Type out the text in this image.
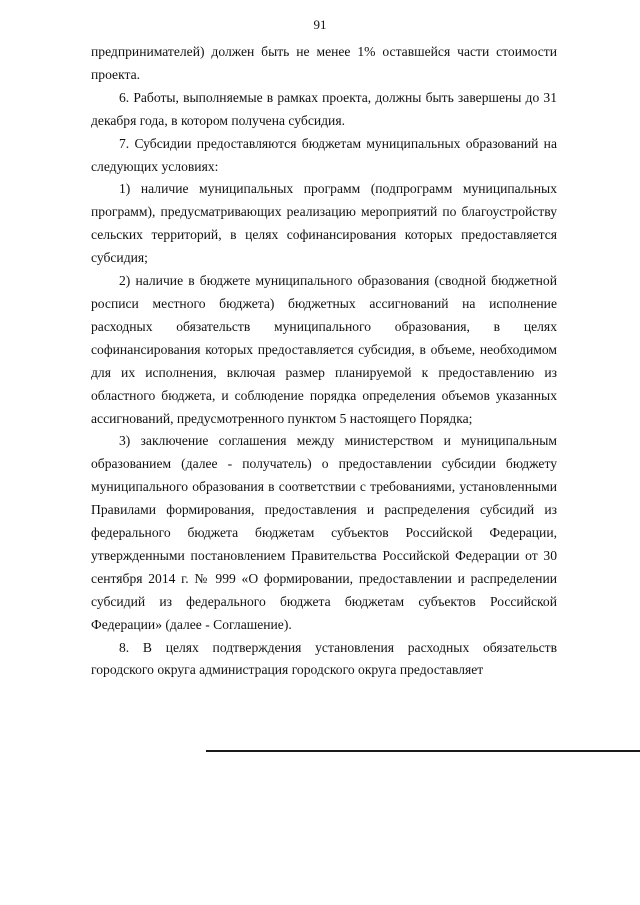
91

предпринимателей) должен быть не менее 1% оставшейся части стоимости проекта.

6. Работы, выполняемые в рамках проекта, должны быть завершены до 31 декабря года, в котором получена субсидия.

7. Субсидии предоставляются бюджетам муниципальных образований на следующих условиях:

1) наличие муниципальных программ (подпрограмм муниципальных программ), предусматривающих реализацию мероприятий по благоустройству сельских территорий, в целях софинансирования которых предоставляется субсидия;

2) наличие в бюджете муниципального образования (сводной бюджетной росписи местного бюджета) бюджетных ассигнований на исполнение расходных обязательств муниципального образования, в целях софинансирования которых предоставляется субсидия, в объеме, необходимом для их исполнения, включая размер планируемой к предоставлению из областного бюджета, и соблюдение порядка определения объемов указанных ассигнований, предусмотренного пунктом 5 настоящего Порядка;

3) заключение соглашения между министерством и муниципальным образованием (далее - получатель) о предоставлении субсидии бюджету муниципального образования в соответствии с требованиями, установленными Правилами формирования, предоставления и распределения субсидий из федерального бюджета бюджетам субъектов Российской Федерации, утвержденными постановлением Правительства Российской Федерации от 30 сентября 2014 г. № 999 «О формировании, предоставлении и распределении субсидий из федерального бюджета бюджетам субъектов Российской Федерации» (далее - Соглашение).

8. В целях подтверждения установления расходных обязательств городского округа администрация городского округа предоставляет
